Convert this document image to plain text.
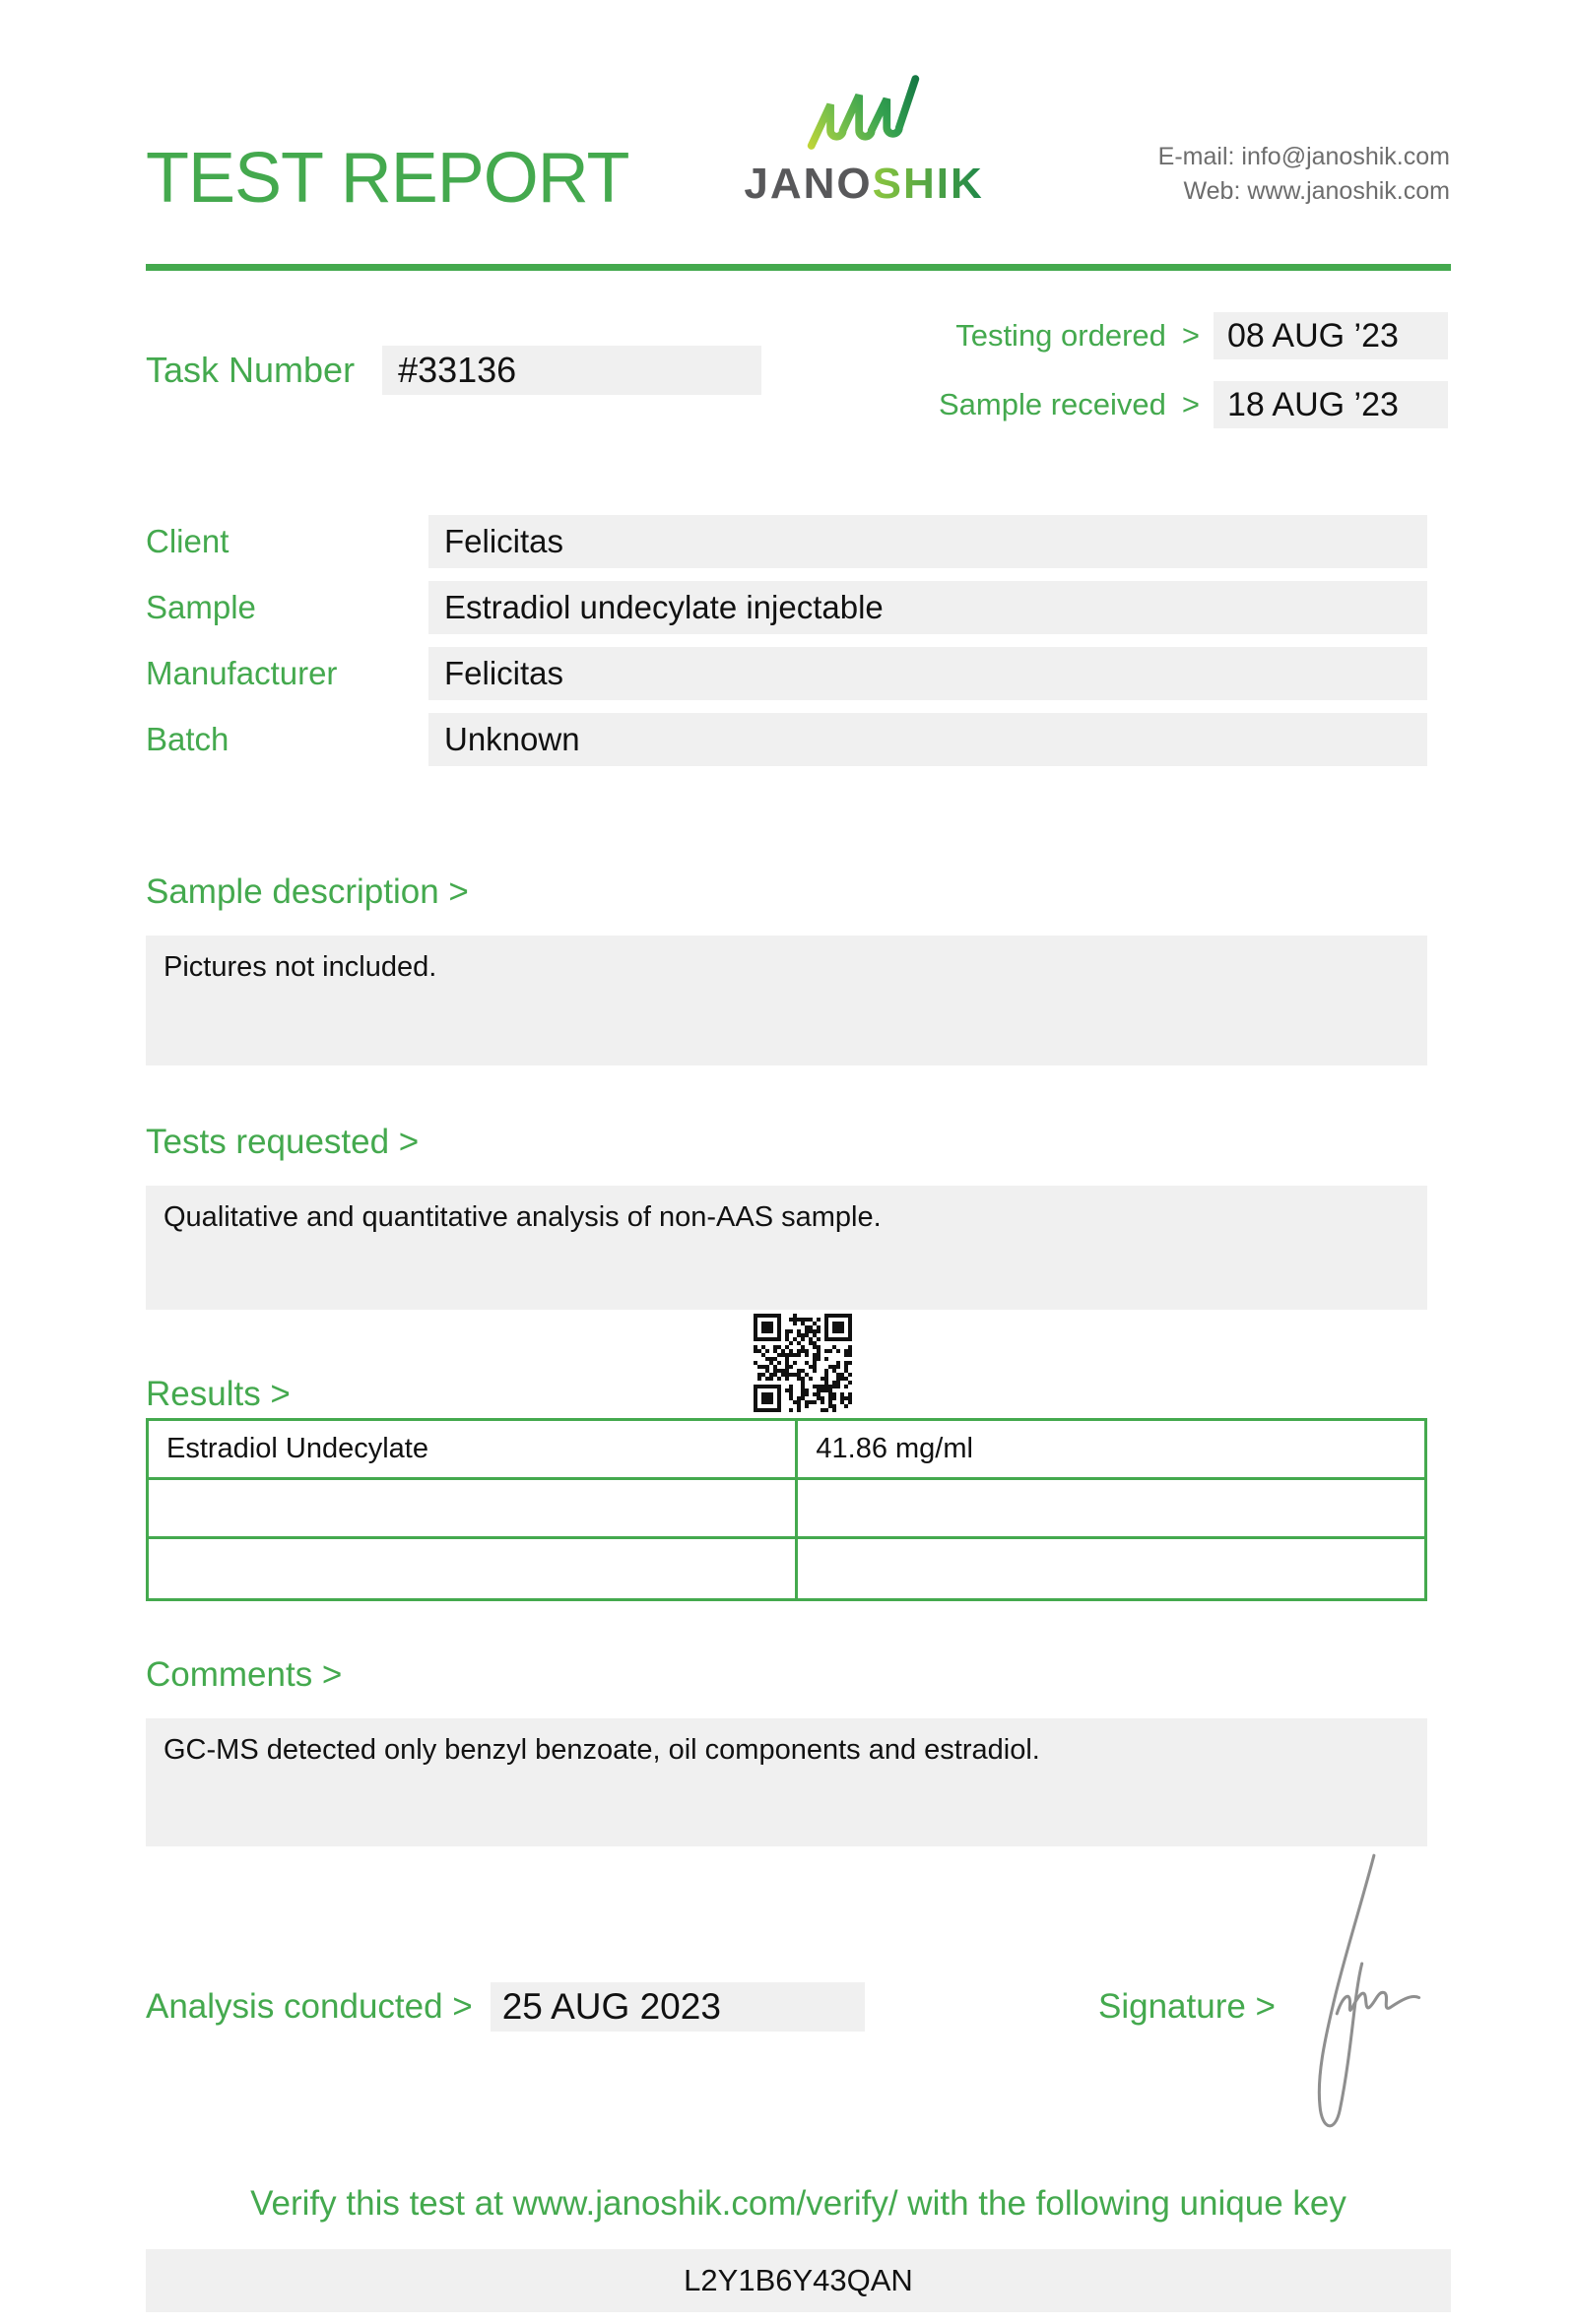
TEST REPORT	JANOSHIK
E-mail: info@janoshik.com
Web: www.janoshik.com
Task Number	#33136
Testing ordered > 08 AUG ’23
Sample received > 18 AUG ’23
Client	Felicitas
Sample	Estradiol undecylate injectable
Manufacturer	Felicitas
Batch	Unknown
Sample description >
Pictures not included.
Tests requested >
Qualitative and quantitative analysis of non-AAS sample.
Results >
Estradiol Undecylate	41.86 mg/ml

Comments >
GC-MS detected only benzyl benzoate, oil components and estradiol.
Analysis conducted > 25 AUG 2023	Signature >
Verify this test at www.janoshik.com/verify/ with the following unique key
L2Y1B6Y43QAN
